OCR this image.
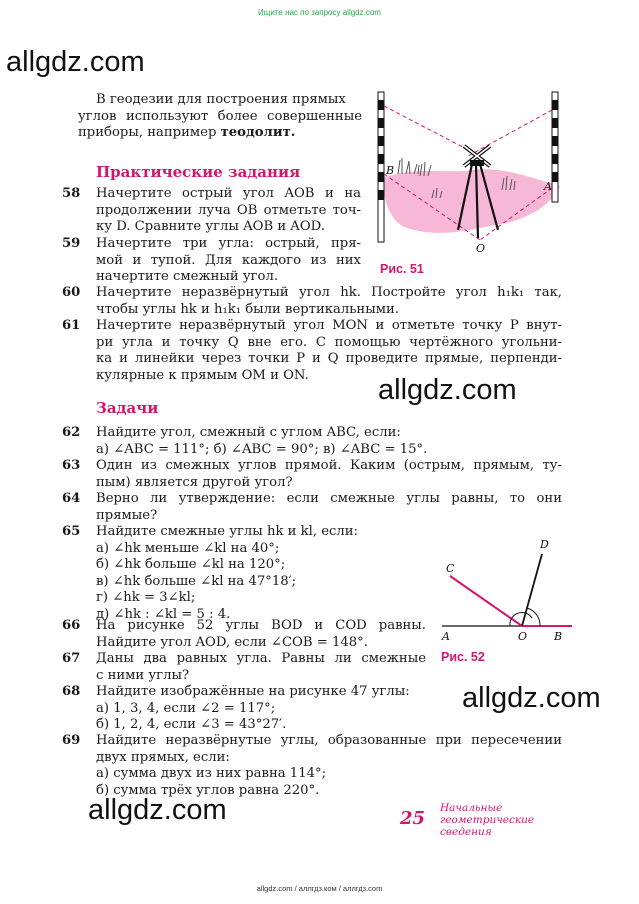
Ищите нас по запросу allgdz.com
allgdz.com
allgdz.com
allgdz.com
allgdz.com
В геодезии для построения прямых
углов используют более совершенные
приборы, например теодолит.
Практические задания
58 Начертите острый угол AOB и на
продолжении луча OB отметьте точ-
ку D. Сравните углы AOB и AOD.
59 Начертите три угла: острый, пря-
мой и тупой. Для каждого из них
начертите смежный угол.
60 Начертите неразвёрнутый угол hk. Постройте угол h₁k₁ так,
чтобы углы hk и h₁k₁ были вертикальными.
61 Начертите неразвёрнутый угол MON и отметьте точку P внут-
ри угла и точку Q вне его. С помощью чертёжного угольни-
ка и линейки через точки P и Q проведите прямые, перпенди-
кулярные к прямым OM и ON.
Задачи
62 Найдите угол, смежный с углом ABC, если:
а) ∠ABC = 111°; б) ∠ABC = 90°; в) ∠ABC = 15°.
63 Один из смежных углов прямой. Каким (острым, прямым, ту-
пым) является другой угол?
64 Верно ли утверждение: если смежные углы равны, то они
прямые?
65 Найдите смежные углы hk и kl, если:
а) ∠hk меньше ∠kl на 40°;
б) ∠hk больше ∠kl на 120°;
в) ∠hk больше ∠kl на 47°18′;
г) ∠hk = 3∠kl;
д) ∠hk : ∠kl = 5 : 4.
66 На рисунке 52 углы BOD и COD равны.
Найдите угол AOD, если ∠COB = 148°.
67 Даны два равных угла. Равны ли смежные
с ними углы?
68 Найдите изображённые на рисунке 47 углы:
а) 1, 3, 4, если ∠2 = 117°;
б) 1, 2, 4, если ∠3 = 43°27′.
69 Найдите неразвёрнутые углы, образованные при пересечении
двух прямых, если:
а) сумма двух из них равна 114°;
б) сумма трёх углов равна 220°.
B
A
O
Рис. 51
C
D
A	O B
Рис. 52
25 Начальные
геометрические
сведения
allgdz.com / аллгдз.ком / аллгдз.com
